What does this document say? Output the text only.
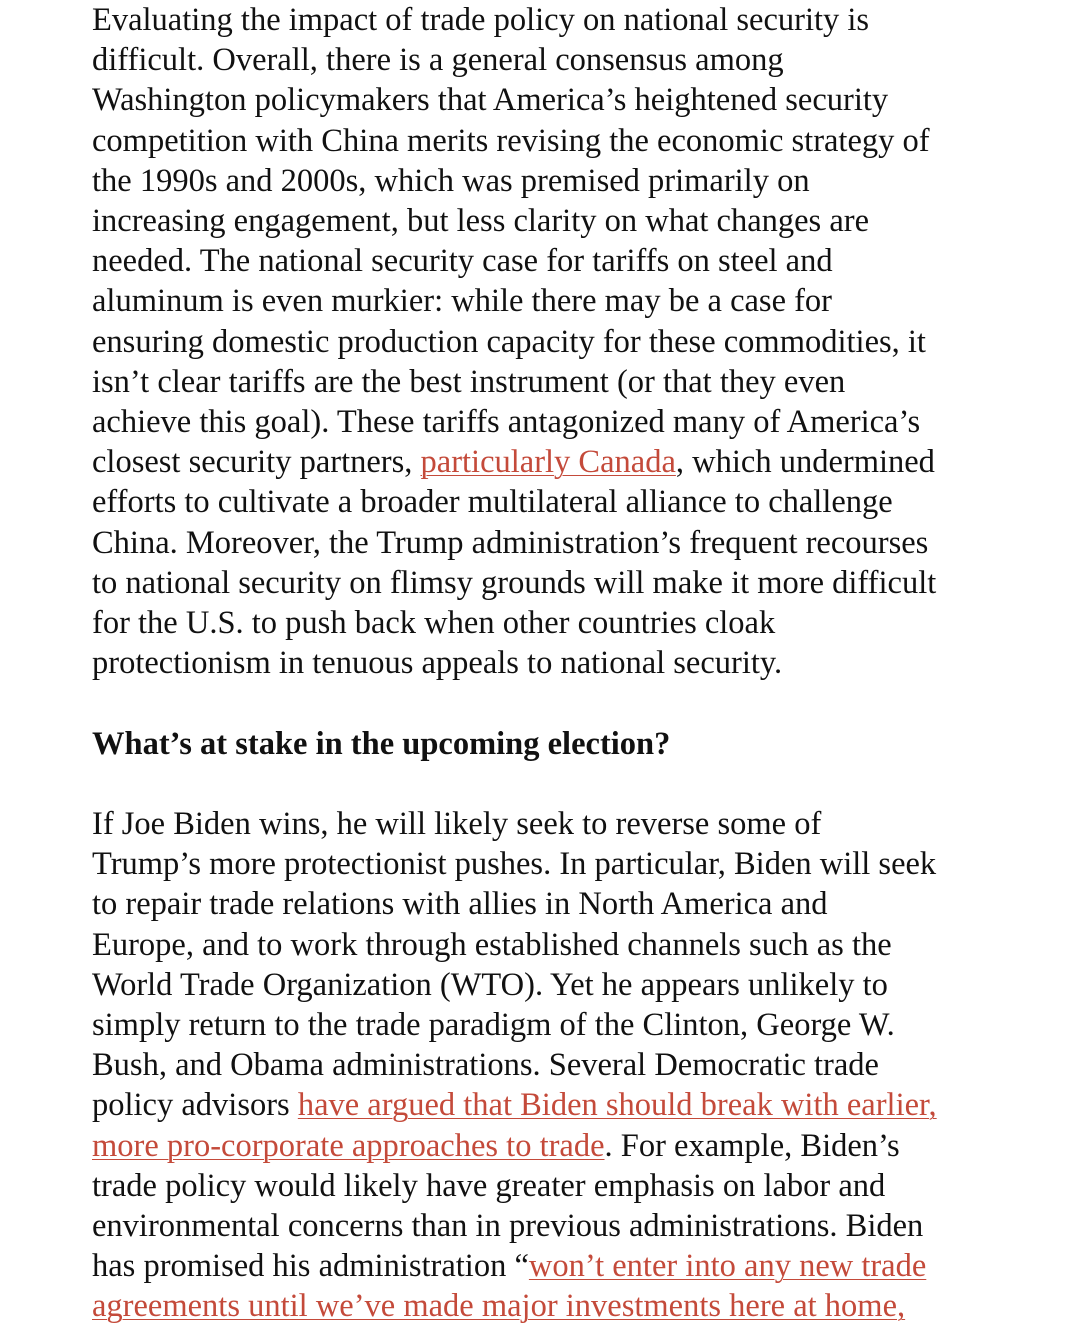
Evaluating the impact of trade policy on national security is
difficult. Overall, there is a general consensus among
Washington policymakers that America’s heightened security
competition with China merits revising the economic strategy of
the 1990s and 2000s, which was premised primarily on
increasing engagement, but less clarity on what changes are
needed. The national security case for tariffs on steel and
aluminum is even murkier: while there may be a case for
ensuring domestic production capacity for these commodities, it
isn’t clear tariffs are the best instrument (or that they even
achieve this goal). These tariffs antagonized many of America’s
closest security partners, particularly Canada, which undermined
efforts to cultivate a broader multilateral alliance to challenge
China. Moreover, the Trump administration’s frequent recourses
to national security on flimsy grounds will make it more difficult
for the U.S. to push back when other countries cloak
protectionism in tenuous appeals to national security.

What’s at stake in the upcoming election?

If Joe Biden wins, he will likely seek to reverse some of
Trump’s more protectionist pushes. In particular, Biden will seek
to repair trade relations with allies in North America and
Europe, and to work through established channels such as the
World Trade Organization (WTO). Yet he appears unlikely to
simply return to the trade paradigm of the Clinton, George W.
Bush, and Obama administrations. Several Democratic trade
policy advisors have argued that Biden should break with earlier,
more pro-corporate approaches to trade. For example, Biden’s
trade policy would likely have greater emphasis on labor and
environmental concerns than in previous administrations. Biden
has promised his administration “won’t enter into any new trade
agreements until we’ve made major investments here at home,
